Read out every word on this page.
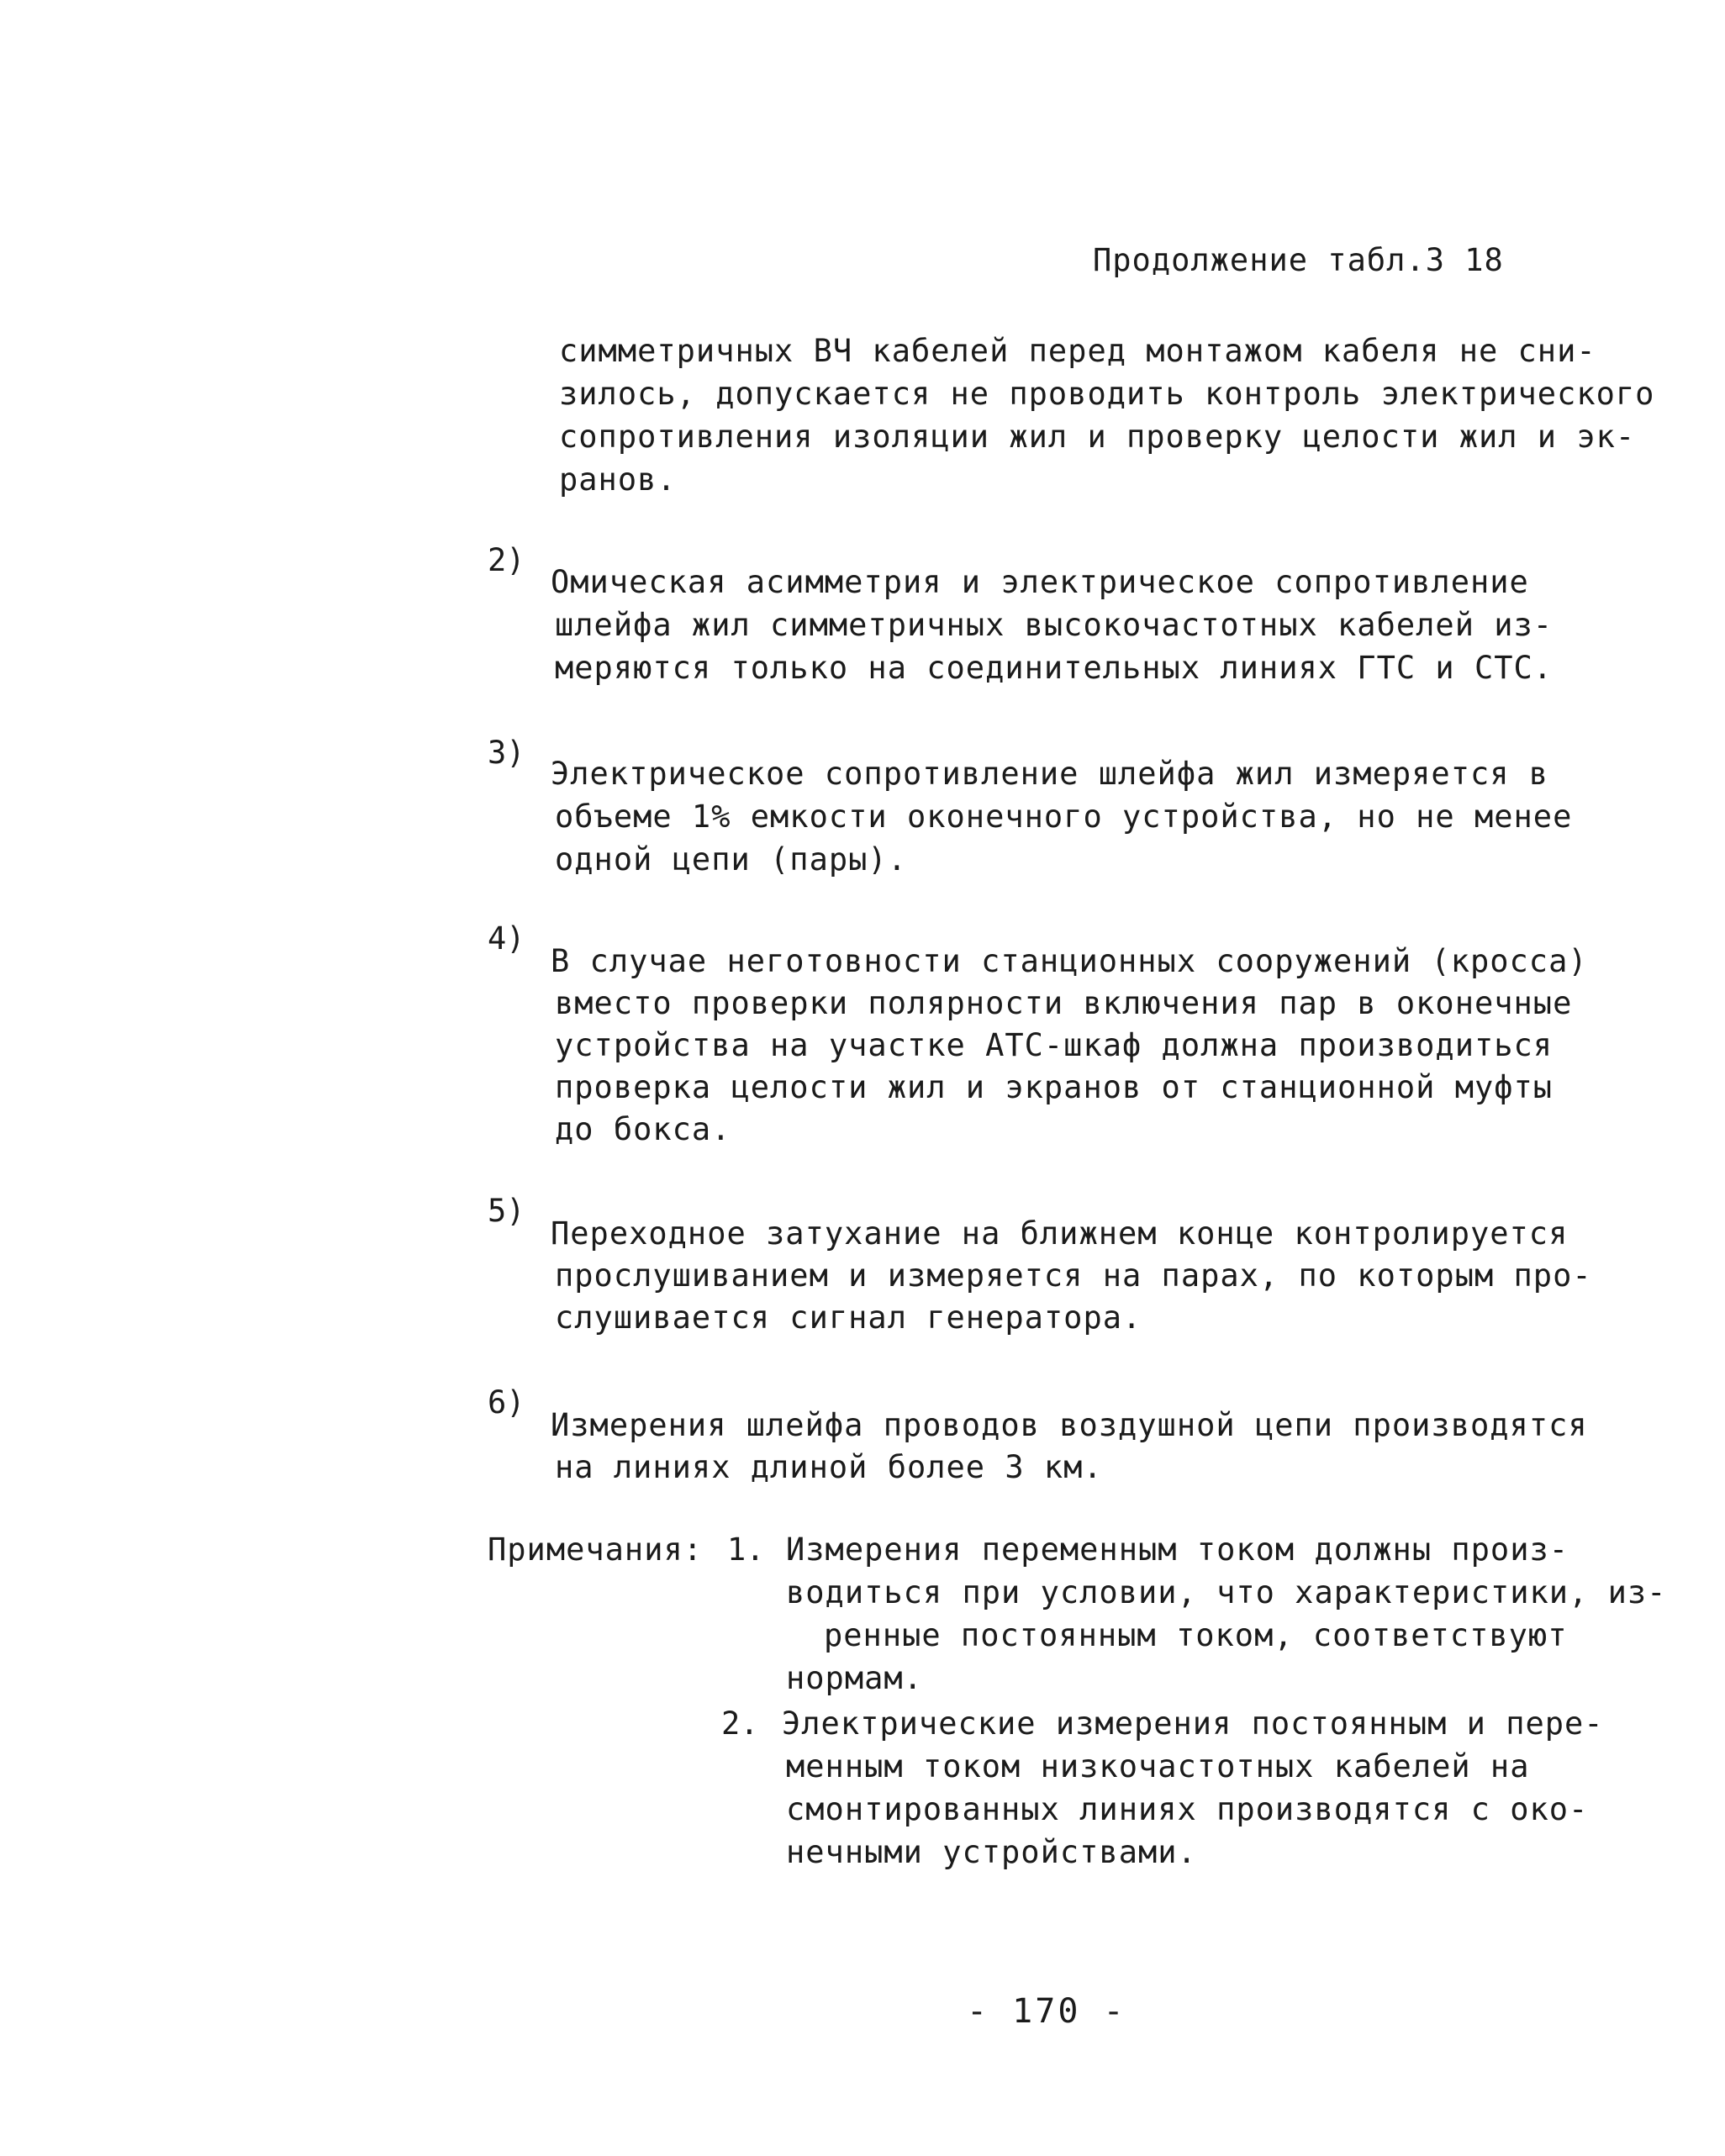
Продолжение табл.3 18
симметричных ВЧ кабелей перед монтажом кабеля не сни-
зилось, допускается не проводить контроль электрического
сопротивления изоляции жил и проверку целости жил и эк-
ранов.
2)
Омическая асимметрия и электрическое сопротивление
шлейфа жил симметричных высокочастотных кабелей из-
меряются только на соединительных линиях ГТС и СТС.
3)
Электрическое сопротивление шлейфа жил измеряется в
объеме 1% емкости оконечного устройства, но не менее
одной цепи (пары).
4)
В случае неготовности станционных сооружений (кросса)
вместо проверки полярности включения пар в оконечные
устройства на участке АТС-шкаф должна производиться
проверка целости жил и экранов от станционной муфты
до бокса.
5)
Переходное затухание на ближнем конце контролируется
прослушиванием и измеряется на парах, по которым про-
слушивается сигнал генератора.
6)
Измерения шлейфа проводов воздушной цепи производятся
на линиях длиной более 3 км.
Примечания: 1. Измерения переменным током должны произ-
водиться при условии, что характеристики, из-
ренные постоянным током, соответствуют
нормам.
2. Электрические измерения постоянным и пере-
менным током низкочастотных кабелей на
смонтированных линиях производятся с око-
нечными устройствами.
- 170 -
